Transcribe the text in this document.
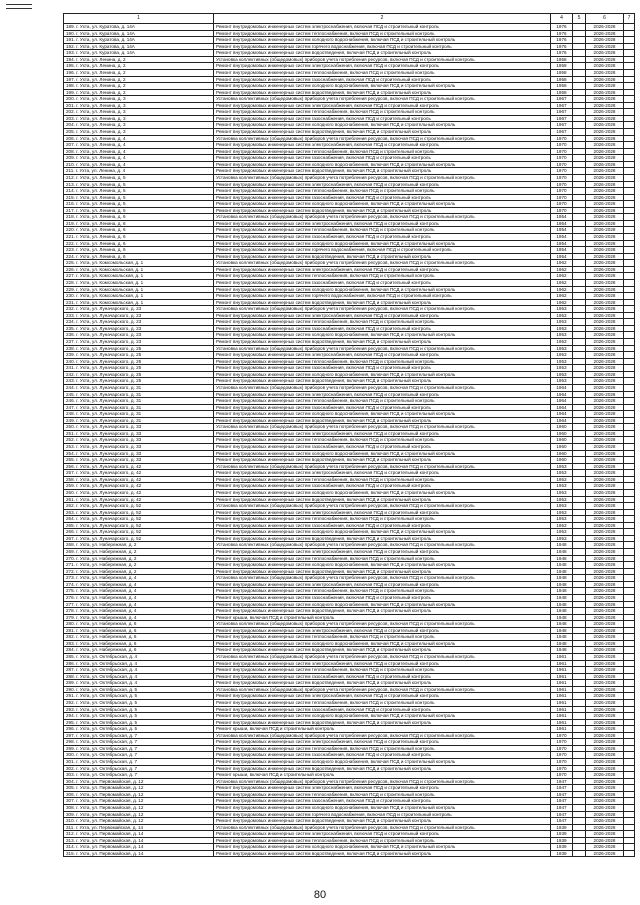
1	2	4	5	6	7
189. г. Ухта, ул. Куратова, д. 14А	Ремонт внутридомовых инженерных систем электроснабжения, включая ПСД и строительный контроль	1976		2026-2028	
190. г. Ухта, ул. Куратова, д. 14А	Ремонт внутридомовых инженерных систем теплоснабжения, включая ПСД и строительный контроль	1976		2026-2028	
191. г. Ухта, ул. Куратова, д. 14А	Ремонт внутридомовых инженерных систем холодного водоснабжения, включая ПСД и строительный контроль	1976		2026-2028	
192. г. Ухта, ул. Куратова, д. 14А	Ремонт внутридомовых инженерных систем горячего водоснабжения, включая ПСД и строительный контроль	1976		2026-2028	
193. г. Ухта, ул. Куратова, д. 14А	Ремонт внутридомовых инженерных систем водоотведения, включая ПСД и строительный контроль	1976		2026-2028	
194. г. Ухта, ул. Ленина, д. 2	Установка коллективных (общедомовых) приборов учета потребления ресурсов, включая ПСД и строительный контроль	1958		2026-2028	
195. г. Ухта, ул. Ленина, д. 2	Ремонт внутридомовых инженерных систем электроснабжения, включая ПСД и строительный контроль	1958		2026-2028	
196. г. Ухта, ул. Ленина, д. 2	Ремонт внутридомовых инженерных систем теплоснабжения, включая ПСД и строительный контроль	1958		2026-2028	
197. г. Ухта, ул. Ленина, д. 2	Ремонт внутридомовых инженерных систем газоснабжения, включая ПСД и строительный контроль	1958		2026-2028	
198. г. Ухта, ул. Ленина, д. 2	Ремонт внутридомовых инженерных систем холодного водоснабжения, включая ПСД и строительный контроль	1958		2026-2028	
199. г. Ухта, ул. Ленина, д. 2	Ремонт внутридомовых инженерных систем водоотведения, включая ПСД и строительный контроль	1958		2026-2028	
200. г. Ухта, ул. Ленина, д. 3	Установка коллективных (общедомовых) приборов учета потребления ресурсов, включая ПСД и строительный контроль	1967		2026-2028	
201. г. Ухта, ул. Ленина, д. 3	Ремонт внутридомовых инженерных систем электроснабжения, включая ПСД и строительный контроль	1967		2026-2028	
202. г. Ухта, ул. Ленина, д. 3	Ремонт внутридомовых инженерных систем теплоснабжения, включая ПСД и строительный контроль	1967		2026-2028	
203. г. Ухта, ул. Ленина, д. 3	Ремонт внутридомовых инженерных систем газоснабжения, включая ПСД и строительный контроль	1967		2026-2028	
204. г. Ухта, ул. Ленина, д. 3	Ремонт внутридомовых инженерных систем холодного водоснабжения, включая ПСД и строительный контроль	1967		2026-2028	
205. г. Ухта, ул. Ленина, д. 3	Ремонт внутридомовых инженерных систем водоотведения, включая ПСД и строительный контроль	1967		2026-2028	
206. г. Ухта, ул. Ленина, д. 4	Установка коллективных (общедомовых) приборов учета потребления ресурсов, включая ПСД и строительный контроль	1970		2026-2028	
207. г. Ухта, ул. Ленина, д. 4	Ремонт внутридомовых инженерных систем электроснабжения, включая ПСД и строительный контроль	1970		2026-2028	
208. г. Ухта, ул. Ленина, д. 4	Ремонт внутридомовых инженерных систем теплоснабжения, включая ПСД и строительный контроль	1970		2026-2028	
209. г. Ухта, ул. Ленина, д. 4	Ремонт внутридомовых инженерных систем газоснабжения, включая ПСД и строительный контроль	1970		2026-2028	
210. г. Ухта, ул. Ленина, д. 4	Ремонт внутридомовых инженерных систем холодного водоснабжения, включая ПСД и строительный контроль	1970		2026-2028	
211. г. Ухта, ул. Ленина, д. 4	Ремонт внутридомовых инженерных систем водоотведения, включая ПСД и строительный контроль	1970		2026-2028	
212. г. Ухта, ул. Ленина, д. 5	Установка коллективных (общедомовых) приборов учета потребления ресурсов, включая ПСД и строительный контроль	1970		2026-2028	
213. г. Ухта, ул. Ленина, д. 5	Ремонт внутридомовых инженерных систем электроснабжения, включая ПСД и строительный контроль	1970		2026-2028	
214. г. Ухта, ул. Ленина, д. 5	Ремонт внутридомовых инженерных систем теплоснабжения, включая ПСД и строительный контроль	1970		2026-2028	
215. г. Ухта, ул. Ленина, д. 5	Ремонт внутридомовых инженерных систем газоснабжения, включая ПСД и строительный контроль	1970		2026-2028	
216. г. Ухта, ул. Ленина, д. 5	Ремонт внутридомовых инженерных систем холодного водоснабжения, включая ПСД и строительный контроль	1970		2026-2028	
217. г. Ухта, ул. Ленина, д. 5	Ремонт внутридомовых инженерных систем водоотведения, включая ПСД и строительный контроль	1970		2026-2028	
218. г. Ухта, ул. Ленина, д. 6	Установка коллективных (общедомовых) приборов учета потребления ресурсов, включая ПСД и строительный контроль	1954		2026-2028	
219. г. Ухта, ул. Ленина, д. 6	Ремонт внутридомовых инженерных систем электроснабжения, включая ПСД и строительный контроль	1954		2026-2028	
220. г. Ухта, ул. Ленина, д. 6	Ремонт внутридомовых инженерных систем теплоснабжения, включая ПСД и строительный контроль	1954		2026-2028	
221. г. Ухта, ул. Ленина, д. 6	Ремонт внутридомовых инженерных систем газоснабжения, включая ПСД и строительный контроль	1954		2026-2028	
222. г. Ухта, ул. Ленина, д. 6	Ремонт внутридомовых инженерных систем холодного водоснабжения, включая ПСД и строительный контроль	1954		2026-2028	
223. г. Ухта, ул. Ленина, д. 6	Ремонт внутридомовых инженерных систем горячего водоснабжения, включая ПСД и строительный контроль	1954		2026-2028	
224. г. Ухта, ул. Ленина, д. 6	Ремонт внутридомовых инженерных систем водоотведения, включая ПСД и строительный контроль	1954		2026-2028	
225. г. Ухта, ул. Комсомольская, д. 1	Установка коллективных (общедомовых) приборов учета потребления ресурсов, включая ПСД и строительный контроль	1962		2026-2028	
226. г. Ухта, ул. Комсомольская, д. 1	Ремонт внутридомовых инженерных систем электроснабжения, включая ПСД и строительный контроль	1962		2026-2028	
227. г. Ухта, ул. Комсомольская, д. 1	Ремонт внутридомовых инженерных систем теплоснабжения, включая ПСД и строительный контроль	1962		2026-2028	
228. г. Ухта, ул. Комсомольская, д. 1	Ремонт внутридомовых инженерных систем газоснабжения, включая ПСД и строительный контроль	1962		2026-2028	
229. г. Ухта, ул. Комсомольская, д. 1	Ремонт внутридомовых инженерных систем холодного водоснабжения, включая ПСД и строительный контроль	1962		2026-2028	
230. г. Ухта, ул. Комсомольская, д. 1	Ремонт внутридомовых инженерных систем горячего водоснабжения, включая ПСД и строительный контроль	1962		2026-2028	
231. г. Ухта, ул. Комсомольская, д. 1	Ремонт внутридомовых инженерных систем водоотведения, включая ПСД и строительный контроль	1962		2026-2028	
232. г. Ухта, ул. Луначарского, д. 23	Установка коллективных (общедомовых) приборов учета потребления ресурсов, включая ПСД и строительный контроль	1953		2026-2028	
233. г. Ухта, ул. Луначарского, д. 23	Ремонт внутридомовых инженерных систем электроснабжения, включая ПСД и строительный контроль	1953		2026-2028	
234. г. Ухта, ул. Луначарского, д. 23	Ремонт внутридомовых инженерных систем теплоснабжения, включая ПСД и строительный контроль	1953		2026-2028	
235. г. Ухта, ул. Луначарского, д. 23	Ремонт внутридомовых инженерных систем газоснабжения, включая ПСД и строительный контроль	1953		2026-2028	
236. г. Ухта, ул. Луначарского, д. 23	Ремонт внутридомовых инженерных систем холодного водоснабжения, включая ПСД и строительный контроль	1953		2026-2028	
237. г. Ухта, ул. Луначарского, д. 23	Ремонт внутридомовых инженерных систем водоотведения, включая ПСД и строительный контроль	1953		2026-2028	
238. г. Ухта, ул. Луначарского, д. 25	Установка коллективных (общедомовых) приборов учета потребления ресурсов, включая ПСД и строительный контроль	1953		2026-2028	
239. г. Ухта, ул. Луначарского, д. 25	Ремонт внутридомовых инженерных систем электроснабжения, включая ПСД и строительный контроль	1953		2026-2028	
240. г. Ухта, ул. Луначарского, д. 25	Ремонт внутридомовых инженерных систем теплоснабжения, включая ПСД и строительный контроль	1953		2026-2028	
241. г. Ухта, ул. Луначарского, д. 25	Ремонт внутридомовых инженерных систем газоснабжения, включая ПСД и строительный контроль	1953		2026-2028	
242. г. Ухта, ул. Луначарского, д. 25	Ремонт внутридомовых инженерных систем холодного водоснабжения, включая ПСД и строительный контроль	1953		2026-2028	
243. г. Ухта, ул. Луначарского, д. 25	Ремонт внутридомовых инженерных систем водоотведения, включая ПСД и строительный контроль	1953		2026-2028	
244. г. Ухта, ул. Луначарского, д. 31	Установка коллективных (общедомовых) приборов учета потребления ресурсов, включая ПСД и строительный контроль	1964		2026-2028	
245. г. Ухта, ул. Луначарского, д. 31	Ремонт внутридомовых инженерных систем электроснабжения, включая ПСД и строительный контроль	1964		2026-2028	
246. г. Ухта, ул. Луначарского, д. 31	Ремонт внутридомовых инженерных систем теплоснабжения, включая ПСД и строительный контроль	1964		2026-2028	
247. г. Ухта, ул. Луначарского, д. 31	Ремонт внутридомовых инженерных систем газоснабжения, включая ПСД и строительный контроль	1964		2026-2028	
248. г. Ухта, ул. Луначарского, д. 31	Ремонт внутридомовых инженерных систем холодного водоснабжения, включая ПСД и строительный контроль	1964		2026-2028	
249. г. Ухта, ул. Луначарского, д. 31	Ремонт внутридомовых инженерных систем водоотведения, включая ПСД и строительный контроль	1964		2026-2028	
250. г. Ухта, ул. Луначарского, д. 33	Установка коллективных (общедомовых) приборов учета потребления ресурсов, включая ПСД и строительный контроль	1960		2026-2028	
251. г. Ухта, ул. Луначарского, д. 33	Ремонт внутридомовых инженерных систем электроснабжения, включая ПСД и строительный контроль	1960		2026-2028	
252. г. Ухта, ул. Луначарского, д. 33	Ремонт внутридомовых инженерных систем теплоснабжения, включая ПСД и строительный контроль	1960		2026-2028	
253. г. Ухта, ул. Луначарского, д. 33	Ремонт внутридомовых инженерных систем газоснабжения, включая ПСД и строительный контроль	1960		2026-2028	
254. г. Ухта, ул. Луначарского, д. 33	Ремонт внутридомовых инженерных систем холодного водоснабжения, включая ПСД и строительный контроль	1960		2026-2028	
255. г. Ухта, ул. Луначарского, д. 33	Ремонт внутридомовых инженерных систем водоотведения, включая ПСД и строительный контроль	1960		2026-2028	
256. г. Ухта, ул. Луначарского, д. 42	Установка коллективных (общедомовых) приборов учета потребления ресурсов, включая ПСД и строительный контроль	1953		2026-2028	
257. г. Ухта, ул. Луначарского, д. 42	Ремонт внутридомовых инженерных систем электроснабжения, включая ПСД и строительный контроль	1953		2026-2028	
258. г. Ухта, ул. Луначарского, д. 42	Ремонт внутридомовых инженерных систем теплоснабжения, включая ПСД и строительный контроль	1953		2026-2028	
259. г. Ухта, ул. Луначарского, д. 42	Ремонт внутридомовых инженерных систем газоснабжения, включая ПСД и строительный контроль	1953		2026-2028	
260. г. Ухта, ул. Луначарского, д. 42	Ремонт внутридомовых инженерных систем холодного водоснабжения, включая ПСД и строительный контроль	1953		2026-2028	
261. г. Ухта, ул. Луначарского, д. 42	Ремонт внутридомовых инженерных систем водоотведения, включая ПСД и строительный контроль	1953		2026-2028	
262. г. Ухта, ул. Луначарского, д. 52	Установка коллективных (общедомовых) приборов учета потребления ресурсов, включая ПСД и строительный контроль	1953		2026-2028	
263. г. Ухта, ул. Луначарского, д. 52	Ремонт внутридомовых инженерных систем электроснабжения, включая ПСД и строительный контроль	1953		2026-2028	
264. г. Ухта, ул. Луначарского, д. 52	Ремонт внутридомовых инженерных систем теплоснабжения, включая ПСД и строительный контроль	1953		2026-2028	
265. г. Ухта, ул. Луначарского, д. 52	Ремонт внутридомовых инженерных систем газоснабжения, включая ПСД и строительный контроль	1953		2026-2028	
266. г. Ухта, ул. Луначарского, д. 52	Ремонт внутридомовых инженерных систем холодного водоснабжения, включая ПСД и строительный контроль	1953		2026-2028	
267. г. Ухта, ул. Луначарского, д. 52	Ремонт внутридомовых инженерных систем водоотведения, включая ПСД и строительный контроль	1953		2026-2028	
268. г. Ухта, ул. Набережная, д. 2	Установка коллективных (общедомовых) приборов учета потребления ресурсов, включая ПСД и строительный контроль	1948		2026-2028	
269. г. Ухта, ул. Набережная, д. 2	Ремонт внутридомовых инженерных систем электроснабжения, включая ПСД и строительный контроль	1948		2026-2028	
270. г. Ухта, ул. Набережная, д. 2	Ремонт внутридомовых инженерных систем теплоснабжения, включая ПСД и строительный контроль	1948		2026-2028	
271. г. Ухта, ул. Набережная, д. 2	Ремонт внутридомовых инженерных систем холодного водоснабжения, включая ПСД и строительный контроль	1948		2026-2028	
272. г. Ухта, ул. Набережная, д. 2	Ремонт внутридомовых инженерных систем водоотведения, включая ПСД и строительный контроль	1948		2026-2028	
273. г. Ухта, ул. Набережная, д. 4	Установка коллективных (общедомовых) приборов учета потребления ресурсов, включая ПСД и строительный контроль	1948		2026-2028	
274. г. Ухта, ул. Набережная, д. 4	Ремонт внутридомовых инженерных систем электроснабжения, включая ПСД и строительный контроль	1948		2026-2028	
275. г. Ухта, ул. Набережная, д. 4	Ремонт внутридомовых инженерных систем теплоснабжения, включая ПСД и строительный контроль	1948		2026-2028	
276. г. Ухта, ул. Набережная, д. 4	Ремонт внутридомовых инженерных систем газоснабжения, включая ПСД и строительный контроль	1948		2026-2028	
277. г. Ухта, ул. Набережная, д. 4	Ремонт внутридомовых инженерных систем холодного водоснабжения, включая ПСД и строительный контроль	1948		2026-2028	
278. г. Ухта, ул. Набережная, д. 4	Ремонт внутридомовых инженерных систем водоотведения, включая ПСД и строительный контроль	1948		2026-2028	
279. г. Ухта, ул. Набережная, д. 4	Ремонт крыши, включая ПСД и строительный контроль	1948		2026-2028	
280. г. Ухта, ул. Набережная, д. 6	Установка коллективных (общедомовых) приборов учета потребления ресурсов, включая ПСД и строительный контроль	1948		2026-2028	
281. г. Ухта, ул. Набережная, д. 6	Ремонт внутридомовых инженерных систем электроснабжения, включая ПСД и строительный контроль	1948		2026-2028	
282. г. Ухта, ул. Набережная, д. 6	Ремонт внутридомовых инженерных систем теплоснабжения, включая ПСД и строительный контроль	1948		2026-2028	
283. г. Ухта, ул. Набережная, д. 6	Ремонт внутридомовых инженерных систем холодного водоснабжения, включая ПСД и строительный контроль	1948		2026-2028	
284. г. Ухта, ул. Набережная, д. 6	Ремонт внутридомовых инженерных систем водоотведения, включая ПСД и строительный контроль	1948		2026-2028	
285. г. Ухта, ул. Октябрьская, д. 4	Установка коллективных (общедомовых) приборов учета потребления ресурсов, включая ПСД и строительный контроль	1961		2026-2028	
286. г. Ухта, ул. Октябрьская, д. 4	Ремонт внутридомовых инженерных систем электроснабжения, включая ПСД и строительный контроль	1961		2026-2028	
287. г. Ухта, ул. Октябрьская, д. 4	Ремонт внутридомовых инженерных систем теплоснабжения, включая ПСД и строительный контроль	1961		2026-2028	
288. г. Ухта, ул. Октябрьская, д. 4	Ремонт внутридомовых инженерных систем газоснабжения, включая ПСД и строительный контроль	1961		2026-2028	
289. г. Ухта, ул. Октябрьская, д. 4	Ремонт внутридомовых инженерных систем водоотведения, включая ПСД и строительный контроль	1961		2026-2028	
290. г. Ухта, ул. Октябрьская, д. 5	Установка коллективных (общедомовых) приборов учета потребления ресурсов, включая ПСД и строительный контроль	1961		2026-2028	
291. г. Ухта, ул. Октябрьская, д. 5	Ремонт внутридомовых инженерных систем электроснабжения, включая ПСД и строительный контроль	1961		2026-2028	
292. г. Ухта, ул. Октябрьская, д. 5	Ремонт внутридомовых инженерных систем теплоснабжения, включая ПСД и строительный контроль	1961		2026-2028	
293. г. Ухта, ул. Октябрьская, д. 5	Ремонт внутридомовых инженерных систем газоснабжения, включая ПСД и строительный контроль	1961		2026-2028	
294. г. Ухта, ул. Октябрьская, д. 5	Ремонт внутридомовых инженерных систем холодного водоснабжения, включая ПСД и строительный контроль	1961		2026-2028	
295. г. Ухта, ул. Октябрьская, д. 5	Ремонт внутридомовых инженерных систем водоотведения, включая ПСД и строительный контроль	1961		2026-2028	
296. г. Ухта, ул. Октябрьская, д. 5	Ремонт крыши, включая ПСД и строительный контроль	1961		2026-2028	
297. г. Ухта, ул. Октябрьская, д. 7	Установка коллективных (общедомовых) приборов учета потребления ресурсов, включая ПСД и строительный контроль	1970		2026-2028	
298. г. Ухта, ул. Октябрьская, д. 7	Ремонт внутридомовых инженерных систем электроснабжения, включая ПСД и строительный контроль	1970		2026-2028	
299. г. Ухта, ул. Октябрьская, д. 7	Ремонт внутридомовых инженерных систем теплоснабжения, включая ПСД и строительный контроль	1970		2026-2028	
300. г. Ухта, ул. Октябрьская, д. 7	Ремонт внутридомовых инженерных систем газоснабжения, включая ПСД и строительный контроль	1970		2026-2028	
301. г. Ухта, ул. Октябрьская, д. 7	Ремонт внутридомовых инженерных систем холодного водоснабжения, включая ПСД и строительный контроль	1970		2026-2028	
302. г. Ухта, ул. Октябрьская, д. 7	Ремонт внутридомовых инженерных систем водоотведения, включая ПСД и строительный контроль	1970		2026-2028	
303. г. Ухта, ул. Октябрьская, д. 7	Ремонт крыши, включая ПСД и строительный контроль	1970		2026-2028	
304. г. Ухта, ул. Первомайская, д. 12	Установка коллективных (общедомовых) приборов учета потребления ресурсов, включая ПСД и строительный контроль	1947		2026-2028	
305. г. Ухта, ул. Первомайская, д. 12	Ремонт внутридомовых инженерных систем электроснабжения, включая ПСД и строительный контроль	1947		2026-2028	
306. г. Ухта, ул. Первомайская, д. 12	Ремонт внутридомовых инженерных систем теплоснабжения, включая ПСД и строительный контроль	1947		2026-2028	
307. г. Ухта, ул. Первомайская, д. 12	Ремонт внутридомовых инженерных систем газоснабжения, включая ПСД и строительный контроль	1947		2026-2028	
308. г. Ухта, ул. Первомайская, д. 12	Ремонт внутридомовых инженерных систем холодного водоснабжения, включая ПСД и строительный контроль	1947		2026-2028	
309. г. Ухта, ул. Первомайская, д. 12	Ремонт внутридомовых инженерных систем горячего водоснабжения, включая ПСД и строительный контроль	1947		2026-2028	
310. г. Ухта, ул. Первомайская, д. 12	Ремонт внутридомовых инженерных систем водоотведения, включая ПСД и строительный контроль	1947		2026-2028	
311. г. Ухта, ул. Первомайская, д. 14	Установка коллективных (общедомовых) приборов учета потребления ресурсов, включая ПСД и строительный контроль	1939		2026-2028	
312. г. Ухта, ул. Первомайская, д. 14	Ремонт внутридомовых инженерных систем электроснабжения, включая ПСД и строительный контроль	1939		2026-2028	
313. г. Ухта, ул. Первомайская, д. 14	Ремонт внутридомовых инженерных систем теплоснабжения, включая ПСД и строительный контроль	1939		2026-2028	
314. г. Ухта, ул. Первомайская, д. 14	Ремонт внутридомовых инженерных систем холодного водоснабжения, включая ПСД и строительный контроль	1939		2026-2028	
315. г. Ухта, ул. Первомайская, д. 14	Ремонт внутридомовых инженерных систем водоотведения, включая ПСД и строительный контроль	1939		2026-2028	
80
